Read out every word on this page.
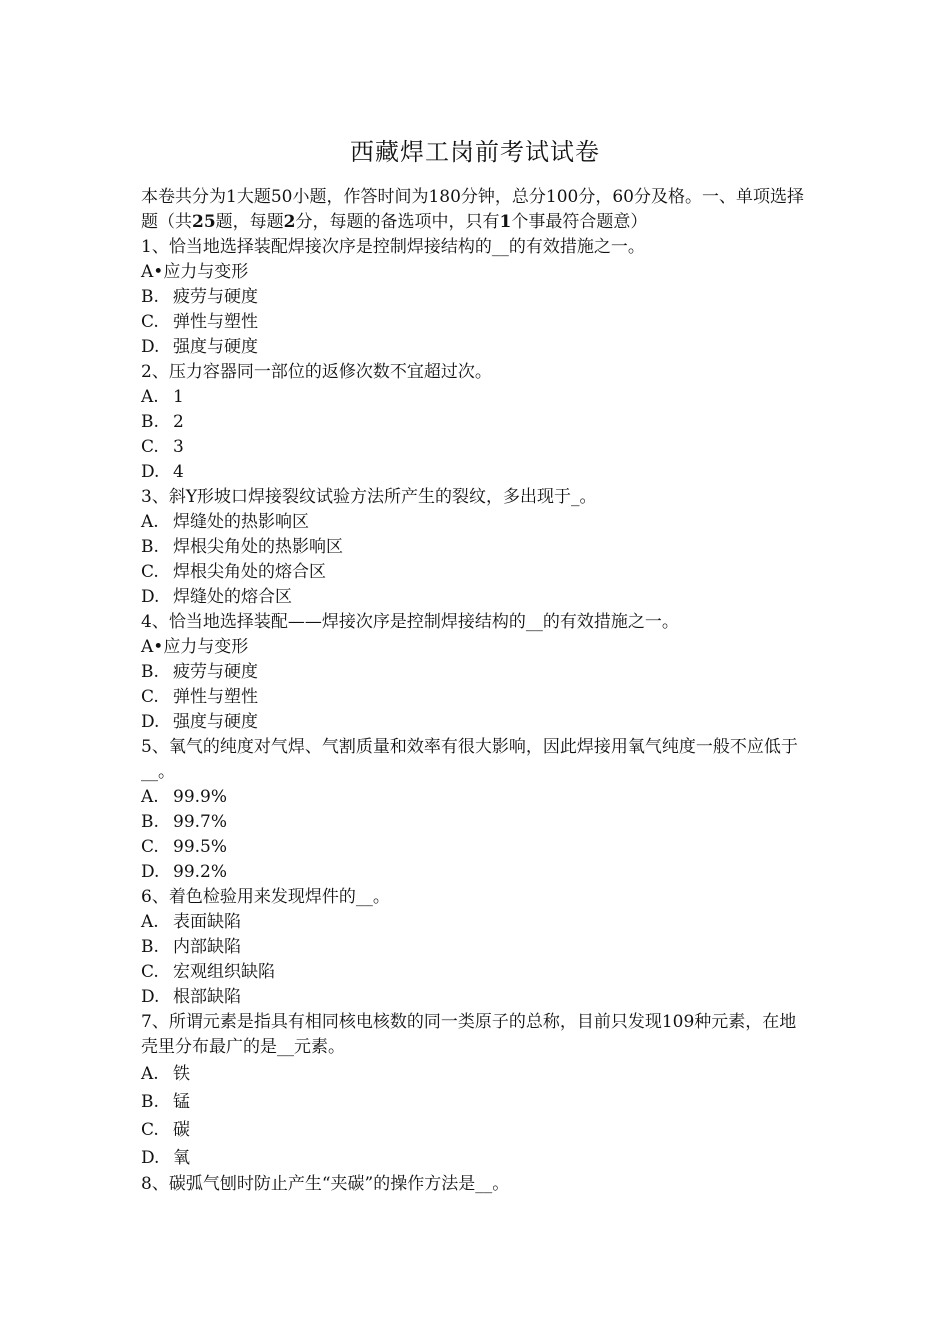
西藏焊工岗前考试试卷
本卷共分为1大题50小题，作答时间为180分钟，总分100分，60分及格。一、单项选择题（共25题，每题2分，每题的备选项中，只有1个事最符合题意）
1、恰当地选择装配焊接次序是控制焊接结构的__的有效措施之一。
A • 应力与变形
B. 疲劳与硬度
C. 弹性与塑性
D. 强度与硬度
2、压力容器同一部位的返修次数不宜超过次。
A. 1
B. 2
C. 3
D. 4
3、斜Y形坡口焊接裂纹试验方法所产生的裂纹，多出现于_。
A. 焊缝处的热影响区
B. 焊根尖角处的热影响区
C. 焊根尖角处的熔合区
D. 焊缝处的熔合区
4、恰当地选择装配——焊接次序是控制焊接结构的__的有效措施之一。
A • 应力与变形
B. 疲劳与硬度
C. 弹性与塑性
D. 强度与硬度
5、氧气的纯度对气焊、气割质量和效率有很大影响，因此焊接用氧气纯度一般不应低于__。
A. 99.9%
B. 99.7%
C. 99.5%
D. 99.2%
6、着色检验用来发现焊件的__。
A. 表面缺陷
B. 内部缺陷
C. 宏观组织缺陷
D. 根部缺陷
7、所谓元素是指具有相同核电核数的同一类原子的总称，目前只发现109种元素，在地壳里分布最广的是__元素。
A. 铁
B. 锰
C. 碳
D. 氧
8、碳弧气刨时防止产生“夹碳”的操作方法是__。
